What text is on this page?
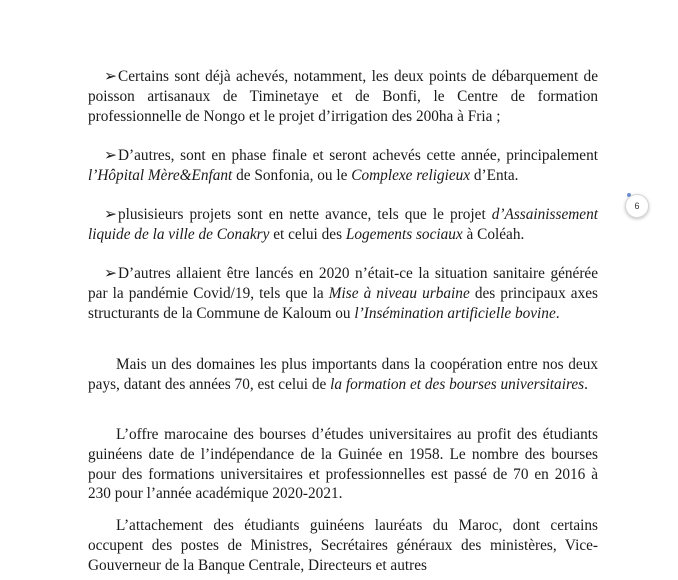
➢Certains sont déjà achevés, notamment, les deux points de débarquement de poisson artisanaux de Timinetaye et de Bonfi, le Centre de formation professionnelle de Nongo et le projet d’irrigation des 200ha à Fria ;
➢D’autres, sont en phase finale et seront achevés cette année, principalement l’Hôpital Mère&Enfant de Sonfonia, ou le Complexe religieux d’Enta.
➢plusisieurs projets sont en nette avance, tels que le projet d’Assainissement liquide de la ville de Conakry et celui des Logements sociaux à Coléah.
➢D’autres allaient être lancés en 2020 n’était-ce la situation sanitaire générée par la pandémie Covid/19, tels que la Mise à niveau urbaine des principaux axes structurants de la Commune de Kaloum ou l’Insémination artificielle bovine.
Mais un des domaines les plus importants dans la coopération entre nos deux pays, datant des années 70, est celui de la formation et des bourses universitaires.
L’offre marocaine des bourses d’études universitaires au profit des étudiants guinéens date de l’indépendance de la Guinée en 1958. Le nombre des bourses pour des formations universitaires et professionnelles est passé de 70 en 2016 à 230 pour l’année académique 2020-2021.
L’attachement des étudiants guinéens lauréats du Maroc, dont certains occupent des postes de Ministres, Secrétaires généraux des ministères, Vice-Gouverneur de la Banque Centrale, Directeurs et autres
6
